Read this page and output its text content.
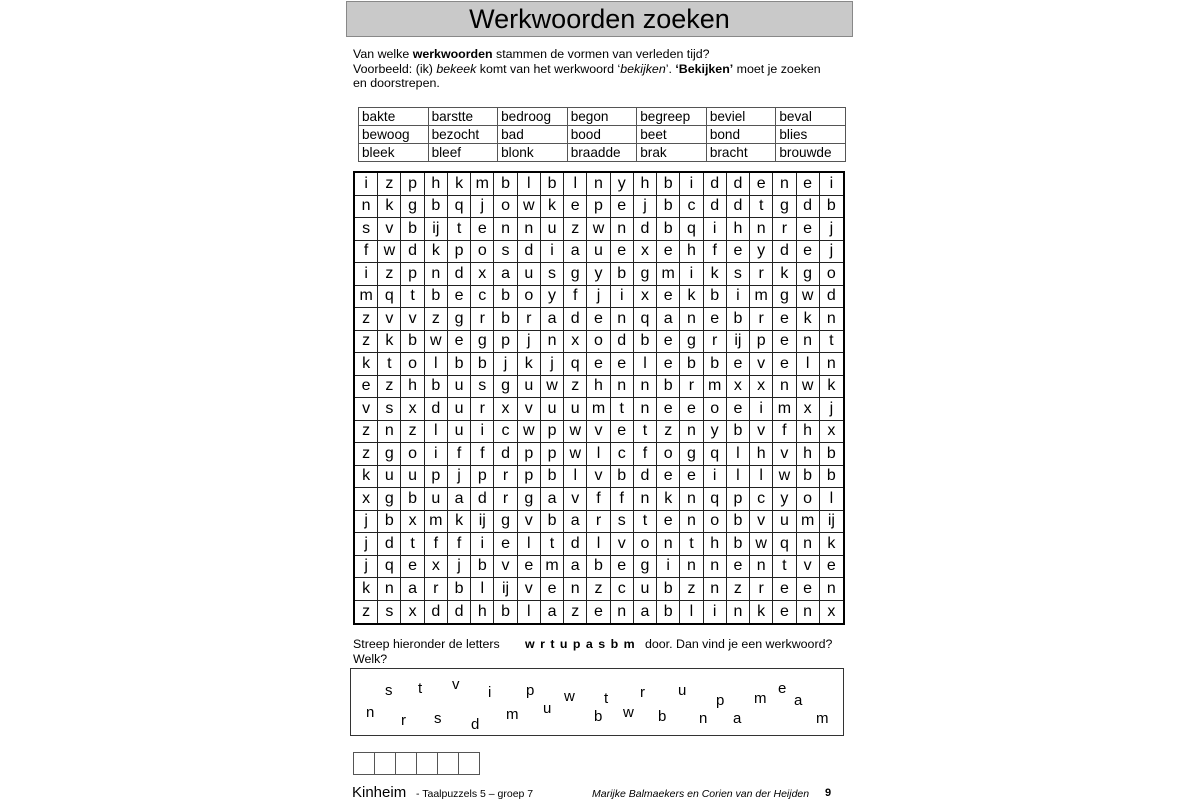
Werkwoorden zoeken
Van welke werkwoorden stammen de vormen van verleden tijd?
Voorbeeld: (ik) bekeek komt van het werkwoord ‘bekijken’. ‘Bekijken’ moet je zoeken
en doorstrepen.
bakte	barstte	bedroog	begon	begreep	beviel	beval
bewoog	bezocht	bad	bood	beet	bond	blies
bleek	bleef	blonk	braadde	brak	bracht	brouwde
i	z p h k m b	l	b	l	n y h b	i	d d e n e	i
n k g b q	j	o w k e p e	j	b c d d	t	g d b
s v b ij	t	e n n u z w n d b q	i	h n	r	e	j
f w d k p o s d	i	a u e x e h	f	e y d e	j
i	z p n d x a u s g y b g m i	k s	r	k g o
m q	t	b e c b o y	f	j	i	x e k b	i m g w d
z v v z g	r	b	r	a d e n q a n e b	r	e k n
z k b w e g p	j	n x o d b e g	r	ij p e n	t
k	t	o	l	b b	j	k	j	q e e	l	e b b e v e	l	n
e z h b u s g u w z h n n b	r m x x n w k
v s x d u	r	x v u u m t	n e e o e	i m x	j
z n z	l	u	i	c w p w v e	t	z n y b v	f	h x
z g o	i	f	f	d p p w l	c	f	o g q	l	h v h b
k u u p	j	p	r	p b	l	v b d e e	i	l	l w b b
x g b u a d	r	g a v	f	f	n k n q p c y o	l
j	b x m k ij g v b a	r	s	t	e n o b v u m ij
j	d	t	f	f	i	e	l	t	d	l	v o n	t	h b w q n k
j	q e x	j	b v e m a b e g	i	n n e n	t	v e
k n a	r	b	l	ij v e n z c u b z n z	r	e e n
z s x d d h b	l	a z e n a b	l	i	n k e n x
Streep hieronder de letters w r t u p a s b m door. Dan vind je een werkwoord?
Welk?
n
s
r
t
s
v
d
i
m
p
u
w t
b w
r
b
u
n
p
a
m
e
a
m
Kinheim - Taalpuzzels 5 – groep 7	Marijke Balmaekers en Corien van der Heijden 9
